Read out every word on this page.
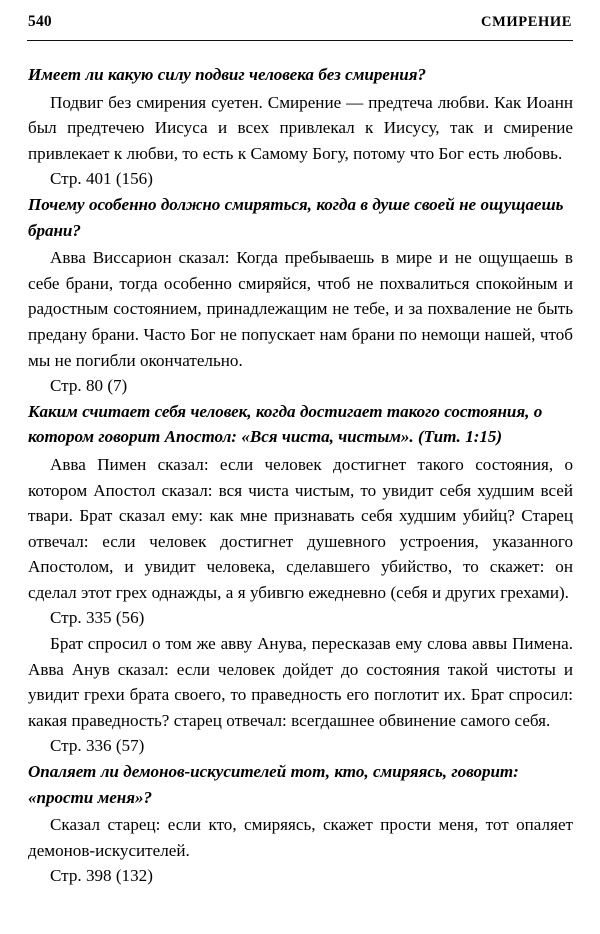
540	СМИРЕНИЕ
Имеет ли какую силу подвиг человека без смирения?

Подвиг без смирения суетен. Смирение — предтеча любви. Как Иоанн был предтечею Иисуса и всех привлекал к Иисусу, так и смирение привлекает к любви, то есть к Самому Богу, потому что Бог есть любовь.

Стр. 401 (156)

Почему особенно должно смиряться, когда в душе своей не ощущаешь брани?

Авва Виссарион сказал: Когда пребываешь в мире и не ощущаешь в себе брани, тогда особенно смиряйся, чтоб не похвалиться спокойным и радостным состоянием, принадлежащим не тебе, и за похваление не быть предану брани. Часто Бог не попускает нам брани по немощи нашей, чтоб мы не погибли окончательно.

Стр. 80 (7)

Каким считает себя человек, когда достигает такого состояния, о котором говорит Апостол: «Вся чиста, чистым». (Тит. 1:15)

Авва Пимен сказал: если человек достигнет такого состояния, о котором Апостол сказал: вся чиста чистым, то увидит себя худшим всей твари. Брат сказал ему: как мне признавать себя худшим убийц? Старец отвечал: если человек достигнет душевного устроения, указанного Апостолом, и увидит человека, сделавшего убийство, то скажет: он сделал этот грех однажды, а я убивгю ежедневно (себя и других грехами).

Стр. 335 (56)

Брат спросил о том же авву Анува, пересказав ему слова аввы Пимена. Авва Анув сказал: если человек дойдет до состояния такой чистоты и увидит грехи брата своего, то праведность его поглотит их. Брат спросил: какая праведность? старец отвечал: всегдашнее обвинение самого себя.

Стр. 336 (57)

Опаляет ли демонов-искусителей тот, кто, смиряясь, говорит: «прости меня»?

Сказал старец: если кто, смиряясь, скажет прости меня, тот опаляет демонов-искусителей.

Стр. 398 (132)
